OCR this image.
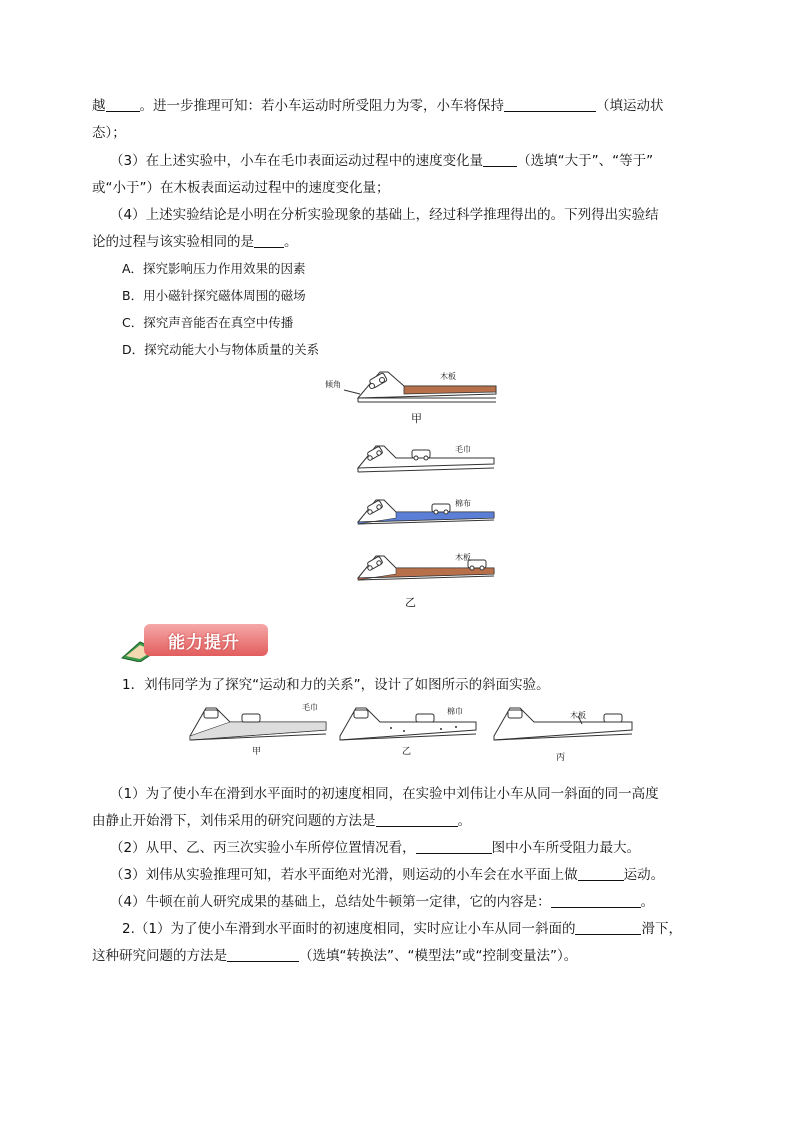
越	。进一步推理可知：若小车运动时所受阻力为零，小车将保持	（填运动状
态）；
（3）在上述实验中，小车在毛巾表面运动过程中的速度变化量	（选填“大于”、“等于”
或“小于”）在木板表面运动过程中的速度变化量；
（4）上述实验结论是小明在分析实验现象的基础上，经过科学推理得出的。下列得出实验结
论的过程与该实验相同的是 。
A．探究影响压力作用效果的因素
B．用小磁针探究磁体周围的磁场
C．探究声音能否在真空中传播
D．探究动能大小与物体质量的关系
倾角
木板
甲
毛巾
棉布
木板
乙
能力提升
1．刘伟同学为了探究“运动和力的关系”，设计了如图所示的斜面实验。
毛巾	棉巾	木板
甲	乙
丙
（1）为了使小车在滑到水平面时的初速度相同，在实验中刘伟让小车从同一斜面的同一高度
由静止开始滑下，刘伟采用的研究问题的方法是	。
（2）从甲、乙、丙三次实验小车所停位置情况看，	图中小车所受阻力最大。
（3）刘伟从实验推理可知，若水平面绝对光滑，则运动的小车会在水平面上做	运动。
（4）牛顿在前人研究成果的基础上，总结处牛顿第一定律，它的内容是：	。
2.（1）为了使小车滑到水平面时的初速度相同，实时应让小车从同一斜面的	滑下，
这种研究问题的方法是	（选填“转换法”、“模型法”或“控制变量法”）。
